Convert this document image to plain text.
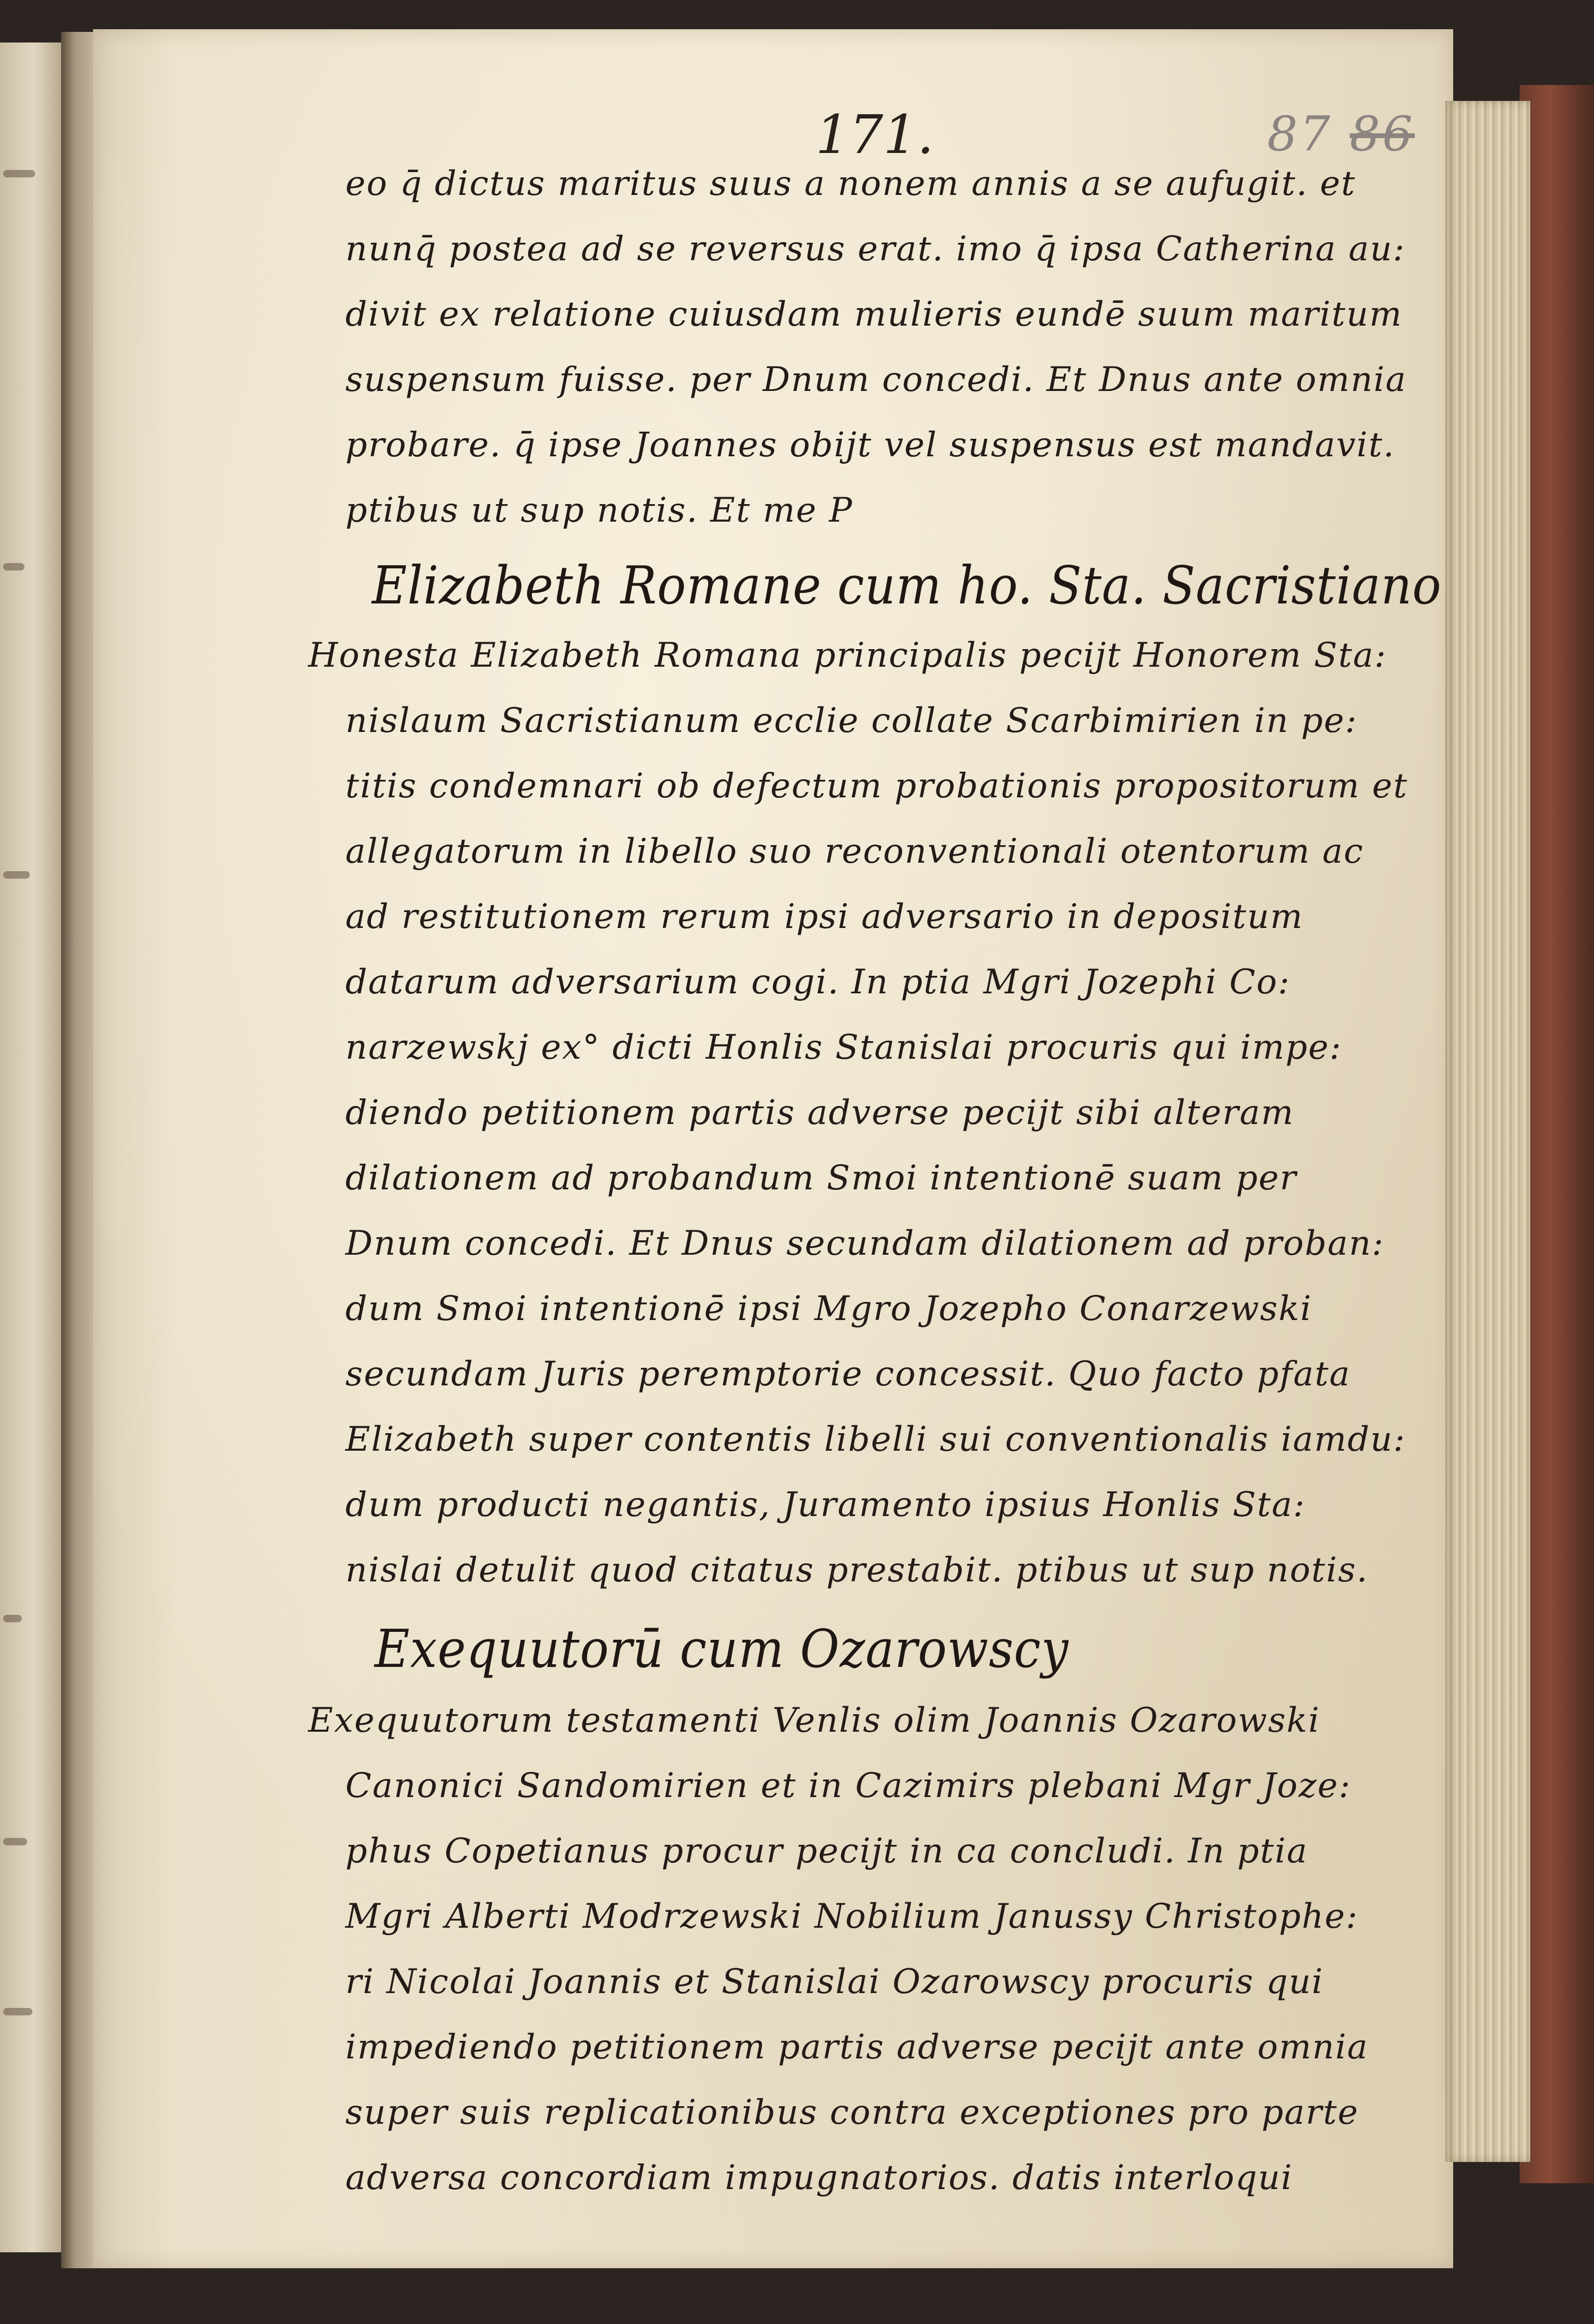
171.	87 86
eo q̄ dictus maritus suus a nonem annis a se aufugit. et
nunq̄ postea ad se reversus erat. imo q̄ ipsa Catherina au:
divit ex relatione cuiusdam mulieris eundē suum maritum
suspensum fuisse. per Dnum concedi. Et Dnus ante omnia
probare. q̄ ipse Joannes obijt vel suspensus est mandavit.
ptibus ut sup notis. Et me P
Elizabeth Romane cum ho. Sta. Sacristiano
Honesta Elizabeth Romana principalis pecijt Honorem Sta:
nislaum Sacristianum ecclie collate Scarbimirien in pe:
titis condemnari ob defectum probationis propositorum et
allegatorum in libello suo reconventionali otentorum ac
ad restitutionem rerum ipsi adversario in depositum
datarum adversarium cogi. In ptia Mgri Jozephi Co:
narzewskj ex° dicti Honlis Stanislai procuris qui impe:
diendo petitionem partis adverse pecijt sibi alteram
dilationem ad probandum Smoi intentionē suam per
Dnum concedi. Et Dnus secundam dilationem ad proban:
dum Smoi intentionē ipsi Mgro Jozepho Conarzewski
secundam Juris peremptorie concessit. Quo facto pfata
Elizabeth super contentis libelli sui conventionalis iamdu:
dum producti negantis, Juramento ipsius Honlis Sta:
nislai detulit quod citatus prestabit. ptibus ut sup notis.
Exequutorū cum Ozarowscy
Exequutorum testamenti Venlis olim Joannis Ozarowski
Canonici Sandomirien et in Cazimirs plebani Mgr Joze:
phus Copetianus procur pecijt in ca concludi. In ptia
Mgri Alberti Modrzewski Nobilium Janussy Christophe:
ri Nicolai Joannis et Stanislai Ozarowscy procuris qui
impediendo petitionem partis adverse pecijt ante omnia
super suis replicationibus contra exceptiones pro parte
adversa concordiam impugnatorios. datis interloqui
